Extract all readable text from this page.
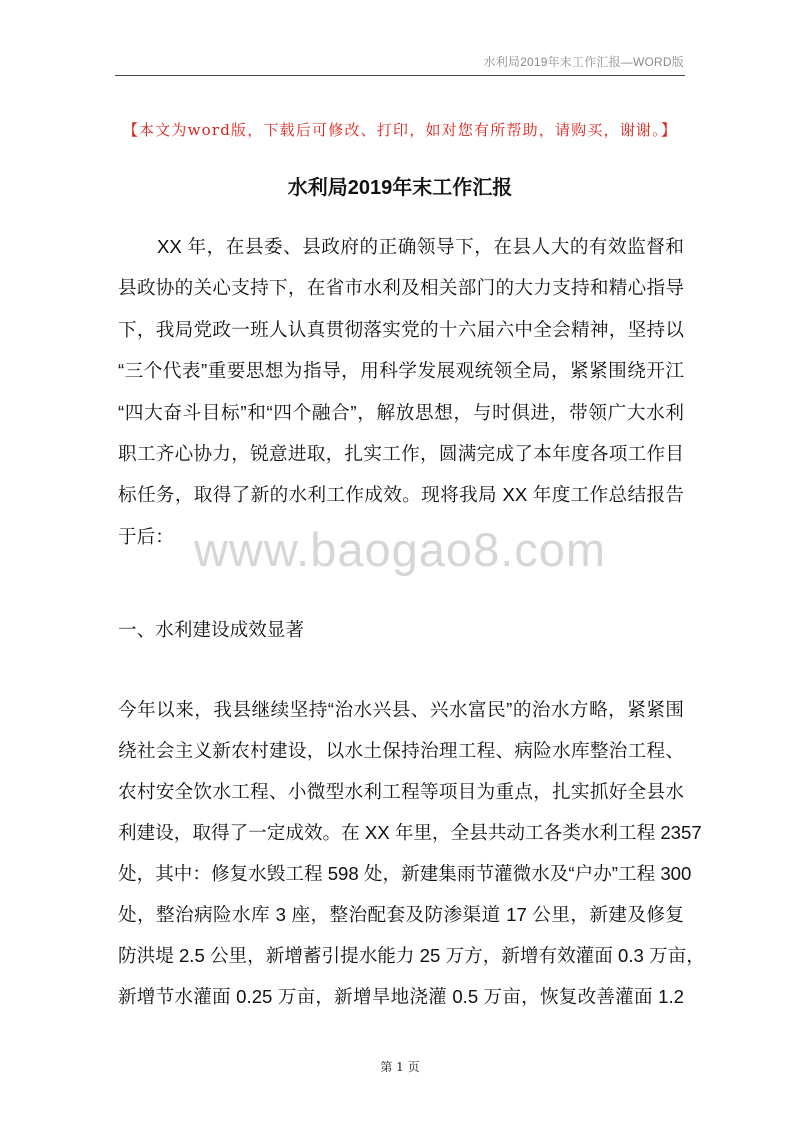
水利局2019年末工作汇报—WORD版
【本文为word版，下载后可修改、打印，如对您有所帮助，请购买，谢谢。】
水利局2019年末工作汇报
XX 年，在县委、县政府的正确领导下，在县人大的有效监督和
县政协的关心支持下，在省市水利及相关部门的大力支持和精心指导
下，我局党政一班人认真贯彻落实党的十六届六中全会精神，坚持以
“三个代表”重要思想为指导，用科学发展观统领全局，紧紧围绕开江
“四大奋斗目标”和“四个融合”，解放思想，与时俱进，带领广大水利
职工齐心协力，锐意进取，扎实工作，圆满完成了本年度各项工作目
标任务，取得了新的水利工作成效。现将我局 XX 年度工作总结报告
于后： www.baogao8.com
一、水利建设成效显著
今年以来，我县继续坚持“治水兴县、兴水富民”的治水方略，紧紧围
绕社会主义新农村建设，以水土保持治理工程、病险水库整治工程、
农村安全饮水工程、小微型水利工程等项目为重点，扎实抓好全县水
利建设，取得了一定成效。在 XX 年里，全县共动工各类水利工程 2357
处，其中：修复水毁工程 598 处，新建集雨节灌微水及“户办”工程 300
处，整治病险水库 3 座，整治配套及防渗渠道 17 公里，新建及修复
防洪堤 2.5 公里，新增蓄引提水能力 25 万方，新增有效灌面 0.3 万亩，
新增节水灌面 0.25 万亩，新增旱地浇灌 0.5 万亩，恢复改善灌面 1.2
第 1 页
